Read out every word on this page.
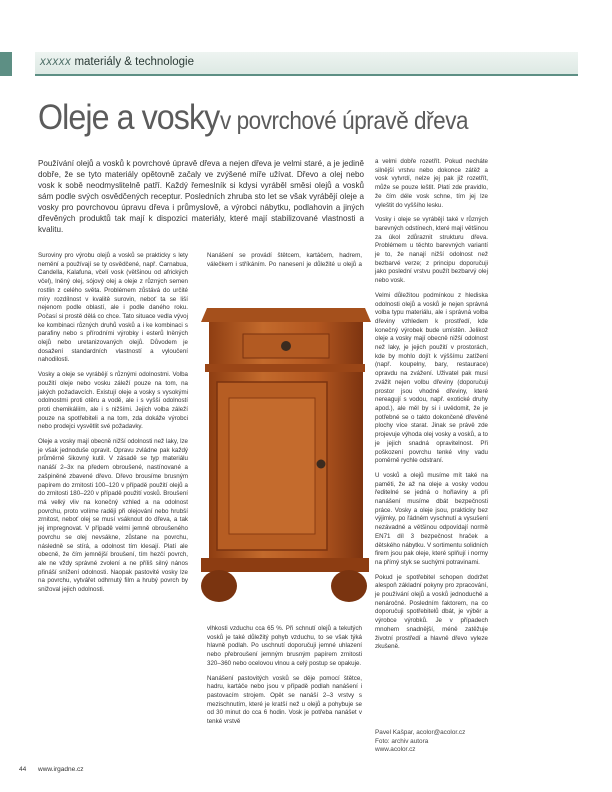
xxxxx materiály & technologie
Oleje a vosky v povrchové úpravě dřeva
Používání olejů a vosků k povrchové úpravě dřeva a nejen dřeva je velmi staré, a je jedině dobře, že se tyto materiály opětovně začaly ve zvýšené míře užívat. Dřevo a olej nebo vosk k sobě neodmyslitelně patří. Každý řemeslník si kdysi vyráběl směsi olejů a vosků sám podle svých osvědčených receptur. Posledních zhruba sto let se však vyrábějí oleje a vosky pro povrchovou úpravu dřeva i průmyslově, a výrobci nábytku, podlahovin a jiných dřevěných produktů tak mají k dispozici materiály, které mají stabilizované vlastnosti a kvalitu.

Suroviny pro výrobu olejů a vosků se prakticky s lety nemění a používají se ty osvědčené, např. Carnabua, Candella, Kalafuna, včelí vosk (většinou od afrických včel), lněný olej, sójový olej a oleje z různých semen rostlin z celého světa. Problémem zůstává do určité míry rozdílnost v kvalitě surovin, neboť ta se liší nejenom podle oblastí, ale i podle daného roku. Počasí si prostě dělá co chce. Tato situace vedla vývoj ke kombinaci různých druhů vosků a i ke kombinaci s parafiny nebo s přírodními výrobky i esterů lněných olejů nebo uretanizovaných olejů. Důvodem je dosažení standardních vlastností a vyloučení nahodilosti.

Vosky a oleje se vyrábějí s různými odolnostmi. Volba použití oleje nebo vosku záleží pouze na tom, na jakých požadavcích. Existují oleje a vosky s vysokými odolnostmi proti otěru a vodě, ale i s vyšší odolností proti chemikáliím, ale i s nižšími. Jejich volba záleží pouze na spotřebiteli a na tom, zda dokáže výrobci nebo prodejci vysvětlit své požadavky.

Oleje a vosky mají obecně nižší odolnosti než laky, lze je však jednoduše opravit. Opravu zvládne pak každý průměrně šikovný kutil. V zásadě se typ materiálu nanáší 2–3x na předem obroušené, nastínované a zašpiněné zbavené dřevo. Dřevo brousíme brusným papírem do zrnitosti 100–120 v případě použití olejů a do zrnitosti 180–220 v případě použití vosků. Broušení má velký vliv na konečný vzhled a na odolnost povrchu, proto volíme raději při olejování nebo hrubší zrnitost, neboť olej se musí vsáknout do dřeva, a tak jej impregnovat. V případě velmi jemně obroušeného povrchu se olej nevsákne, zůstane na povrchu, následně se stírá, a odolnost tím klesají. Platí ale obecně, že čím jemnější broušení, tím hezčí povrch, ale ne vždy správné zvolení a ne příliš silný nános přináší snížení odolnosti. Naopak pastovité vosky lze na povrchu, vytvářet odhrnutý film a hrubý povrch by snižoval jejich odolnosti.

Nanášení se provádí štětcem, kartáčem, hadrem, válečkem i stříkáním. Po nanesení je důležité u olejů a

vlhkosti vzduchu cca 65 %. Při schnutí olejů a tekutých vosků je také důležitý pohyb vzduchu, to se však týká hlavně podlah. Po uschnutí doporučuji jemné uhlazení nebo přebroušení jemným brusným papírem zrnitosti 320–360 nebo ocelovou vlnou a celý postup se opakuje.

Nanášení pastovitých vosků se děje pomocí štětce, hadru, kartáče nebo jsou v případě podlah nanášení i pastovacím strojem. Opět se nanáší 2–3 vrstvy s mezischnutím, které je kratší než u olejů a pohybuje se od 30 minut do cca 6 hodin. Vosk je potřeba nanášet v tenké vrstvě

a velmi dobře rozetřít. Pokud necháte silnější vrstvu nebo dokonce zátěž a vosk vytvrdí, nelze jej pak již rozetřít, může se pouze leštit. Platí zde pravidlo, že čím déle vosk schne, tím jej lze vyleštit do vyššího lesku.

Vosky i oleje se vyrábějí také v různých barevných odstínech, které mají většinou za úkol zdůraznit strukturu dřeva. Problémem u těchto barevných variantí je to, že nanají nižší odolnost než bezbarvé verze; z principu doporučuji jako poslední vrstvu použít bezbarvý olej nebo vosk.

Velmi důležitou podmínkou z hlediska odolnosti olejů a vosků je nejen správná volba typu materiálu, ale i správná volba dřeviny vzhledem k prostředí, kde konečný výrobek bude umístěn. Jelikož oleje a vosky mají obecně nižší odolnost než laky, je jejich použití v prostorách, kde by mohlo dojít k výššímu zatížení (např. koupelny, bary, restaurace) opravdu na zvážení. Uživatel pak musí zvážit nejen volbu dřeviny (doporučuji prostor jsou vhodné dřeviny, které nereagují s vodou, např. exotické druhy apod.), ale měl by si i uvědomit, že je potřebné se o takto dokončené dřevěné plochy více starat. Jinak se právě zde projevuje výhoda olej vosky a vosků, a to je jejich snadná opravitelnost. Při poškození povrchu tenké vlny vadu poměrně rychle odstraní.

U vosků a olejů musíme mít také na paměti, že až na oleje a vosky vodou ředitelné se jedná o hořlaviny a při nanášení musíme dbát bezpečnosti práce. Vosky a oleje jsou, prakticky bez výjimky, po řádném vyschnutí a vysušení nezávadné a většinou odpovídají normě EN71 díl 3 bezpečnost hraček a dětského nábytku. V sortimentu solidních firem jsou pak oleje, které splňují i normy na přímý styk se suchými potravinami.

Pokud je spotřebitel schopen dodržet alespoň základní pokyny pro zpracování, je používání olejů a vosků jednoduché a nenáročné. Posledním faktorem, na co doporučuji spotřebitelů dbát, je výběr a výrobce výrobků. Je v případech mnohem snadnější, méně zatěžuje životní prostředí a hlavně dřevo vyleze zkušeně.

Pavel Kašpar, acolor@acolor.cz
Foto: archiv autora
www.acolor.cz
44 www.irgadne.cz
